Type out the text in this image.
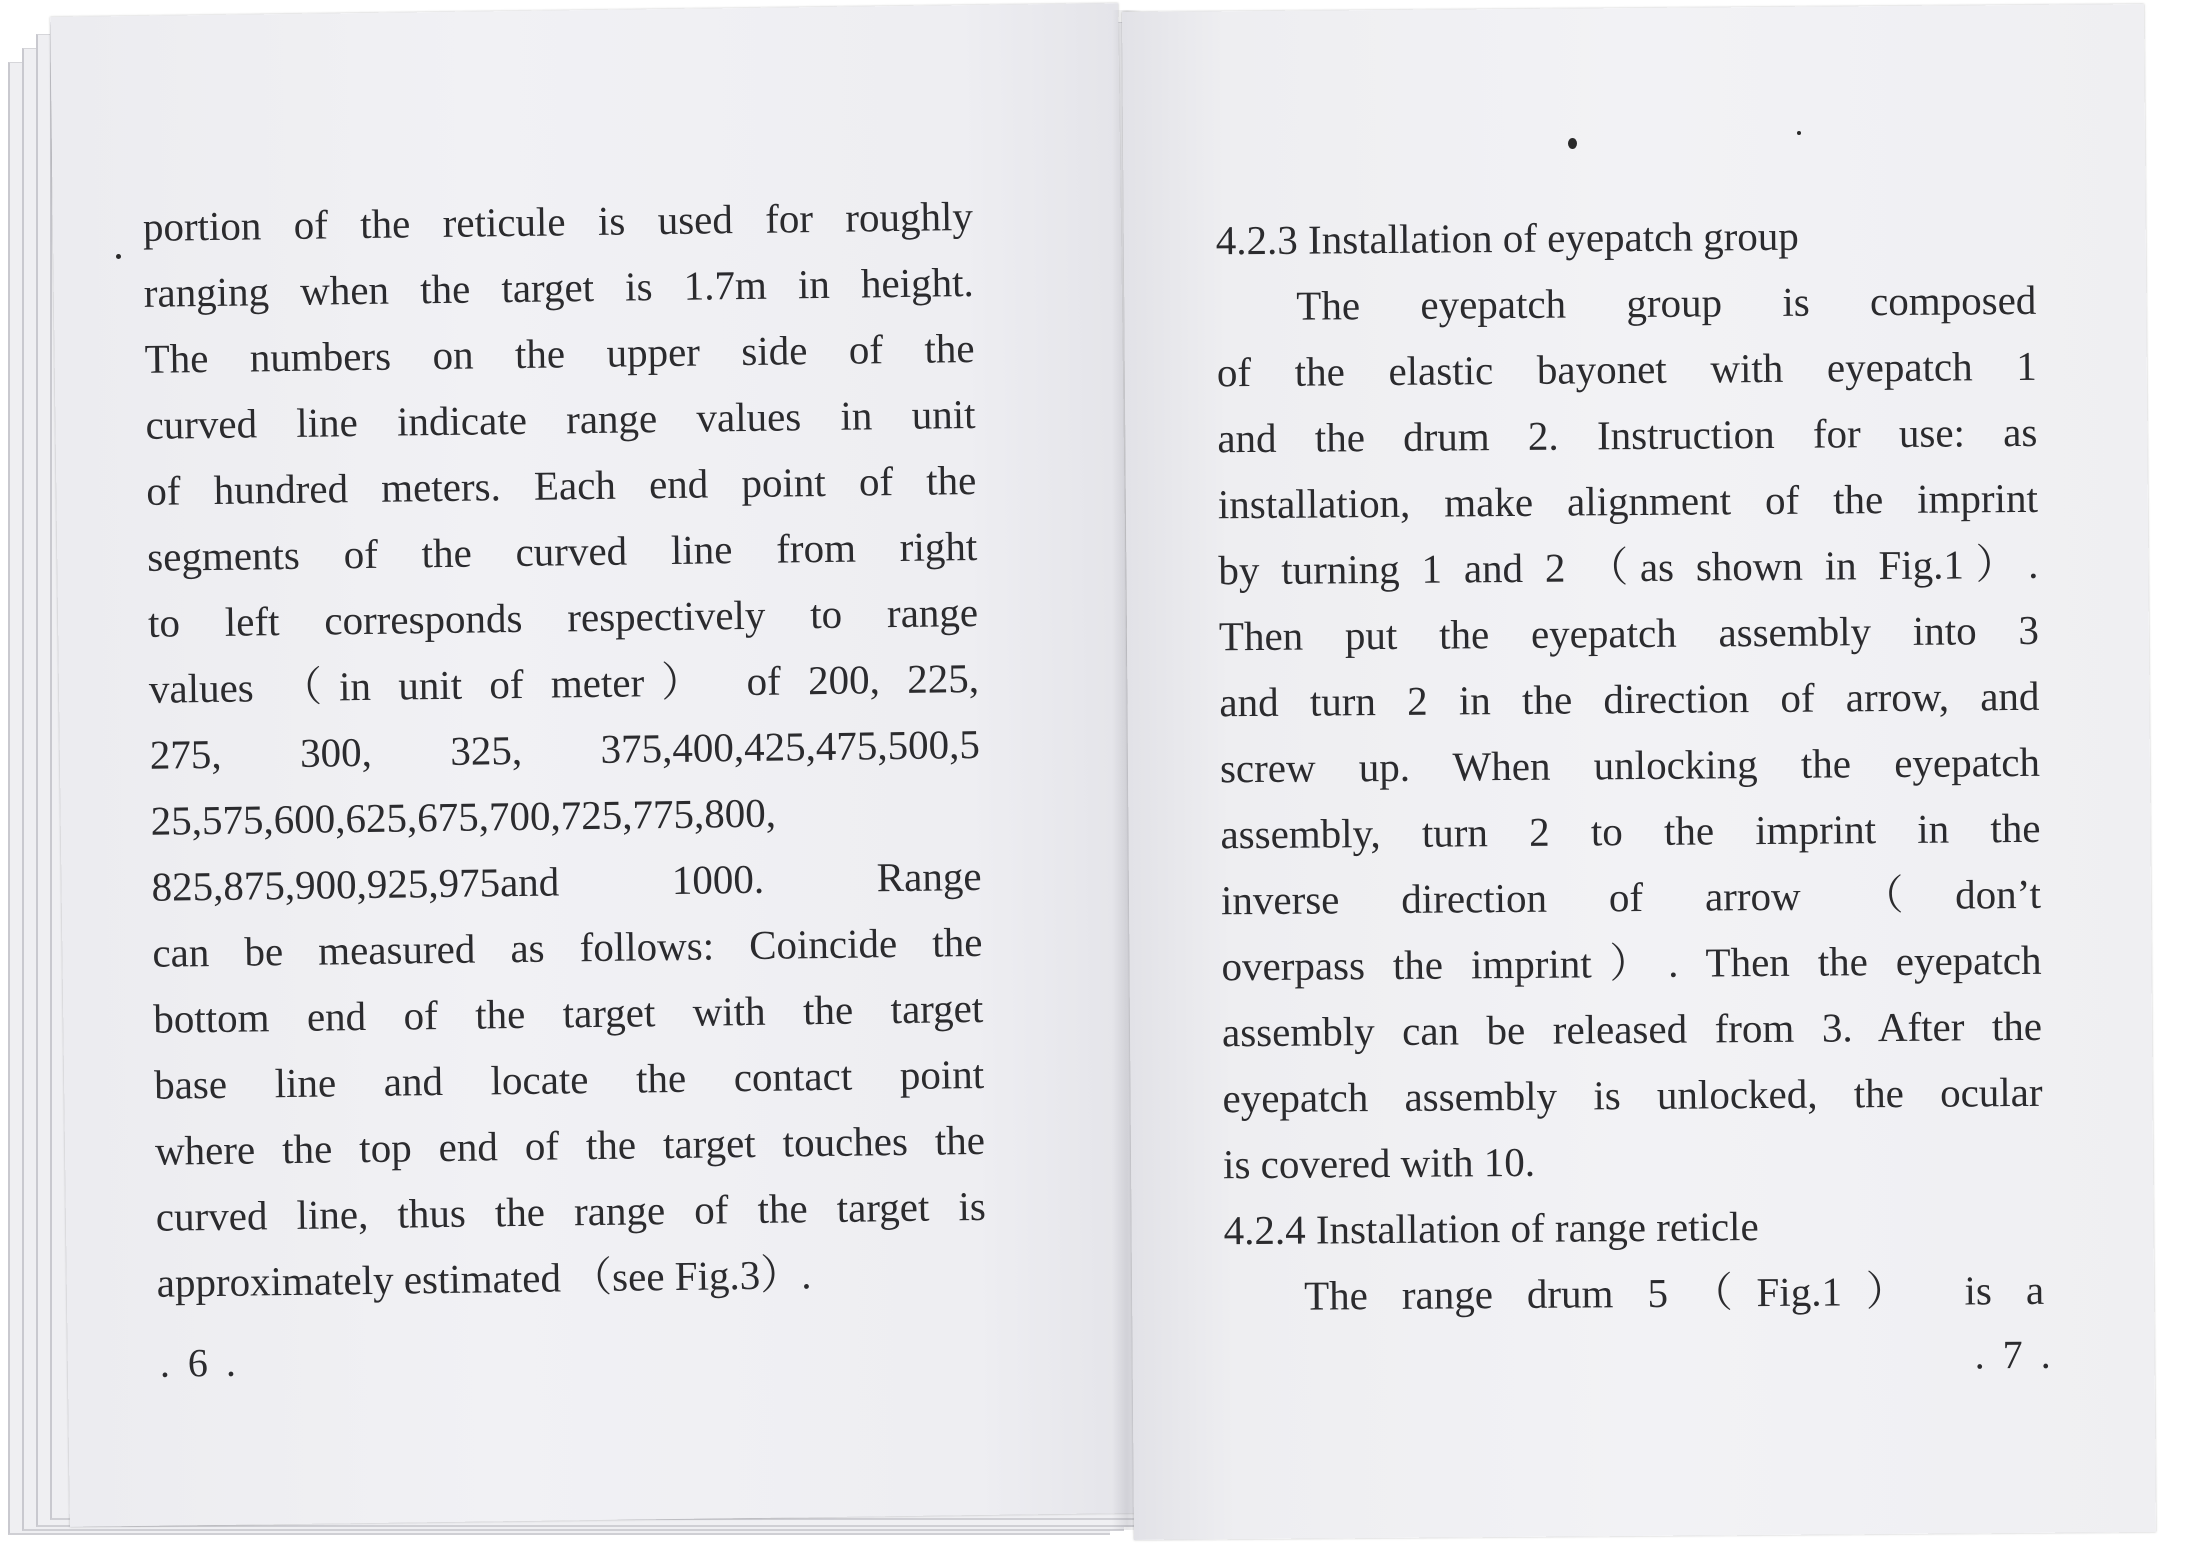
portion of the reticule is used for roughly
ranging when the target is 1.7m in height.
The numbers on the upper side of the
curved line indicate range values in unit
of hundred meters. Each end point of the
segments of the curved line from right
to left corresponds respectively to range
values （in unit of meter） of 200, 225,
275, 300, 325, 375,400,425,475,500,5
25,575,600,625,675,700,725,775,800,
825,875,900,925,975and 1000. Range
can be measured as follows: Coincide the
bottom end of the target with the target
base line and locate the contact point
where the top end of the target touches the
curved line, thus the range of the target is
approximately estimated （see Fig.3）.
. 6 .
4.2.3 Installation of eyepatch group
The eyepatch group is composed
of the elastic bayonet with eyepatch 1
and the drum 2. Instruction for use: as
installation, make alignment of the imprint
by turning 1 and 2 （as shown in Fig.1）.
Then put the eyepatch assembly into 3
and turn 2 in the direction of arrow, and
screw up. When unlocking the eyepatch
assembly, turn 2 to the imprint in the
inverse direction of arrow （don’t
overpass the imprint）. Then the eyepatch
assembly can be released from 3. After the
eyepatch assembly is unlocked, the ocular
is covered with 10.
4.2.4 Installation of range reticle
The range drum 5（Fig.1） is a
. 7 .
